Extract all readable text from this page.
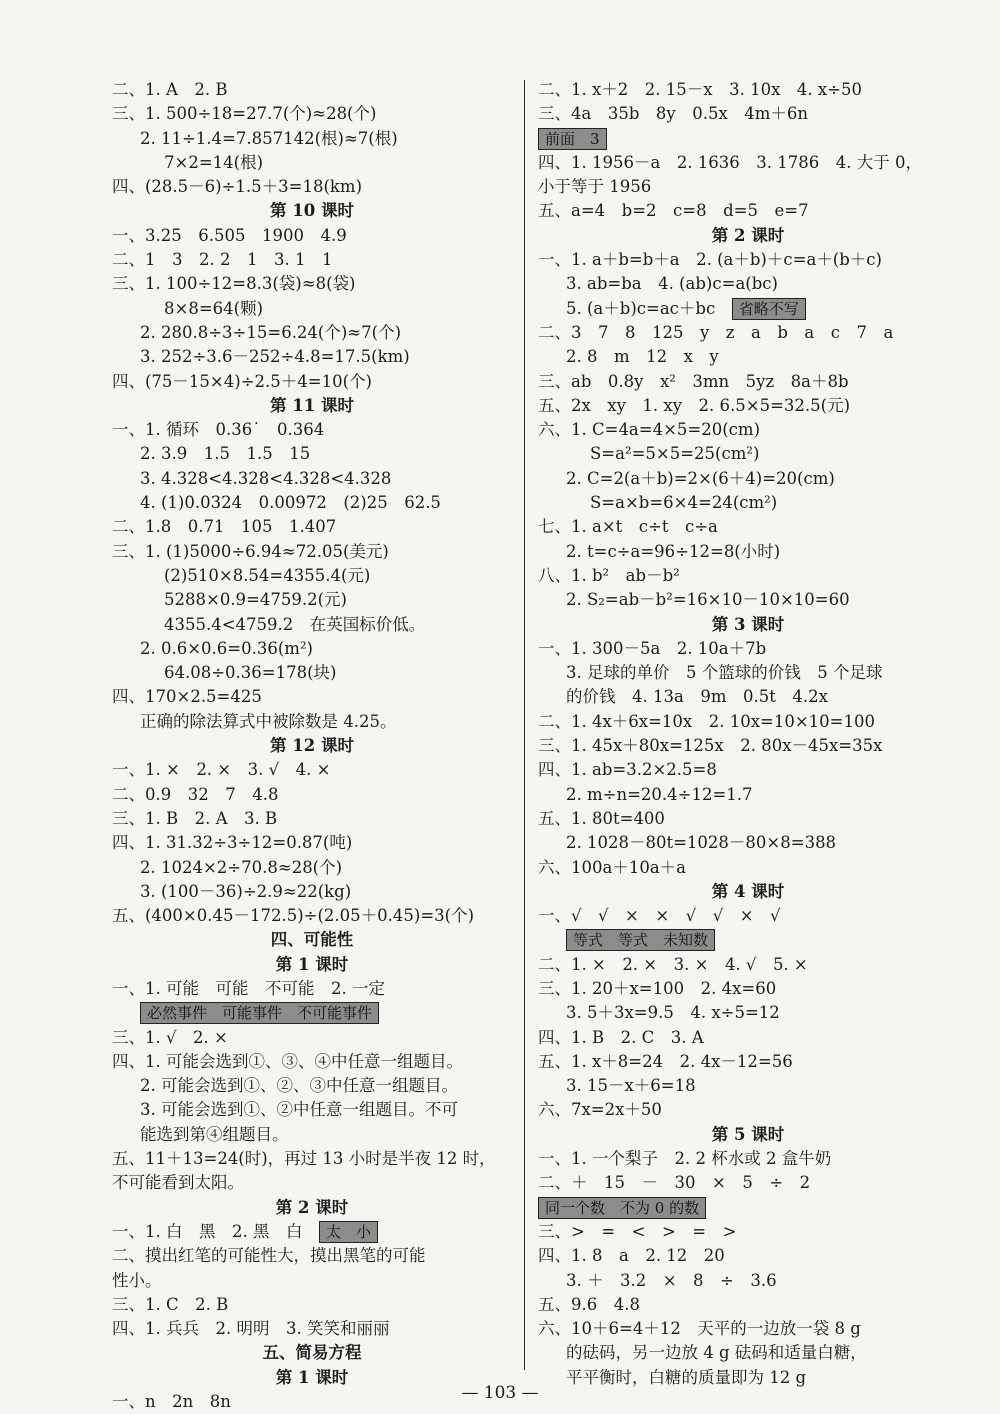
二、1. A　2. B
三、1. 500÷18=27.7(个)≈28(个)
2. 11÷1.4=7.857142(根)≈7(根)
7×2=14(根)
四、(28.5－6)÷1.5＋3=18(km)
第 10 课时
一、3.25　6.505　1900　4.9
二、1　3　2. 2　1　3. 1　1
三、1. 100÷12=8.3(袋)≈8(袋)
8×8=64(颗)
2. 280.8÷3÷15=6.24(个)≈7(个)
3. 252÷3.6－252÷4.8=17.5(km)
四、(75－15×4)÷2.5＋4=10(个)
第 11 课时
一、1. 循环　0.36˙　0.364
2. 3.9　1.5　1.5　15
3. 4.328<4.328<4.328<4.328
4. (1)0.0324　0.00972　(2)25　62.5
二、1.8　0.71　105　1.407
三、1. (1)5000÷6.94≈72.05(美元)
(2)510×8.54=4355.4(元)
5288×0.9=4759.2(元)
4355.4<4759.2　在英国标价低。
2. 0.6×0.6=0.36(m²)
64.08÷0.36=178(块)
四、170×2.5=425
正确的除法算式中被除数是 4.25。
第 12 课时
一、1. ×　2. ×　3. √　4. ×
二、0.9　32　7　4.8
三、1. B　2. A　3. B
四、1. 31.32÷3÷12=0.87(吨)
2. 1024×2÷70.8≈28(个)
3. (100－36)÷2.9≈22(kg)
五、(400×0.45－172.5)÷(2.05＋0.45)=3(个)
四、可能性
第 1 课时
一、1. 可能　可能　不可能　2. 一定
必然事件　可能事件　不可能事件
三、1. √　2. ×
四、1. 可能会选到①、③、④中任意一组题目。
2. 可能会选到①、②、③中任意一组题目。
3. 可能会选到①、②中任意一组题目。不可
能选到第④组题目。
五、11＋13=24(时)，再过 13 小时是半夜 12 时，
不可能看到太阳。
第 2 课时
一、1. 白　黑　2. 黑　白　太　小
二、摸出红笔的可能性大，摸出黑笔的可能
性小。
三、1. C　2. B
四、1. 兵兵　2. 明明　3. 笑笑和丽丽
五、简易方程
第 1 课时
一、n　2n　8n
二、1. x＋2　2. 15－x　3. 10x　4. x÷50
三、4a　35b　8y　0.5x　4m＋6n
前面　3
四、1. 1956－a　2. 1636　3. 1786　4. 大于 0，
小于等于 1956
五、a=4　b=2　c=8　d=5　e=7
第 2 课时
一、1. a＋b=b＋a　2. (a＋b)＋c=a＋(b＋c)
3. ab=ba　4. (ab)c=a(bc)
5. (a＋b)c=ac＋bc　省略不写
二、3　7　8　125　y　z　a　b　a　c　7　a
2. 8　m　12　x　y
三、ab　0.8y　x²　3mn　5yz　8a＋8b
五、2x　xy　1. xy　2. 6.5×5=32.5(元)
六、1. C=4a=4×5=20(cm)
S=a²=5×5=25(cm²)
2. C=2(a＋b)=2×(6＋4)=20(cm)
S=a×b=6×4=24(cm²)
七、1. a×t　c÷t　c÷a
2. t=c÷a=96÷12=8(小时)
八、1. b²　ab－b²
2. S₂=ab－b²=16×10－10×10=60
第 3 课时
一、1. 300－5a　2. 10a＋7b
3. 足球的单价　5 个篮球的价钱　5 个足球
的价钱　4. 13a　9m　0.5t　4.2x
二、1. 4x＋6x=10x　2. 10x=10×10=100
三、1. 45x＋80x=125x　2. 80x－45x=35x
四、1. ab=3.2×2.5=8
2. m÷n=20.4÷12=1.7
五、1. 80t=400
2. 1028－80t=1028－80×8=388
六、100a＋10a＋a
第 4 课时
一、√　√　×　×　√　√　×　√
等式　等式　未知数
二、1. ×　2. ×　3. ×　4. √　5. ×
三、1. 20＋x=100　2. 4x=60
3. 5＋3x=9.5　4. x÷5=12
四、1. B　2. C　3. A
五、1. x＋8=24　2. 4x－12=56
3. 15－x＋6=18
六、7x=2x＋50
第 5 课时
一、1. 一个梨子　2. 2 杯水或 2 盒牛奶
二、＋　15　－　30　×　5　÷　2
同一个数　不为 0 的数
三、>　=　<　>　=　>
四、1. 8　a　2. 12　20
3. ＋　3.2　×　8　÷　3.6
五、9.6　4.8
六、10＋6=4＋12　天平的一边放一袋 8 g
的砝码，另一边放 4 g 砝码和适量白糖，
平平衡时，白糖的质量即为 12 g
— 103 —
